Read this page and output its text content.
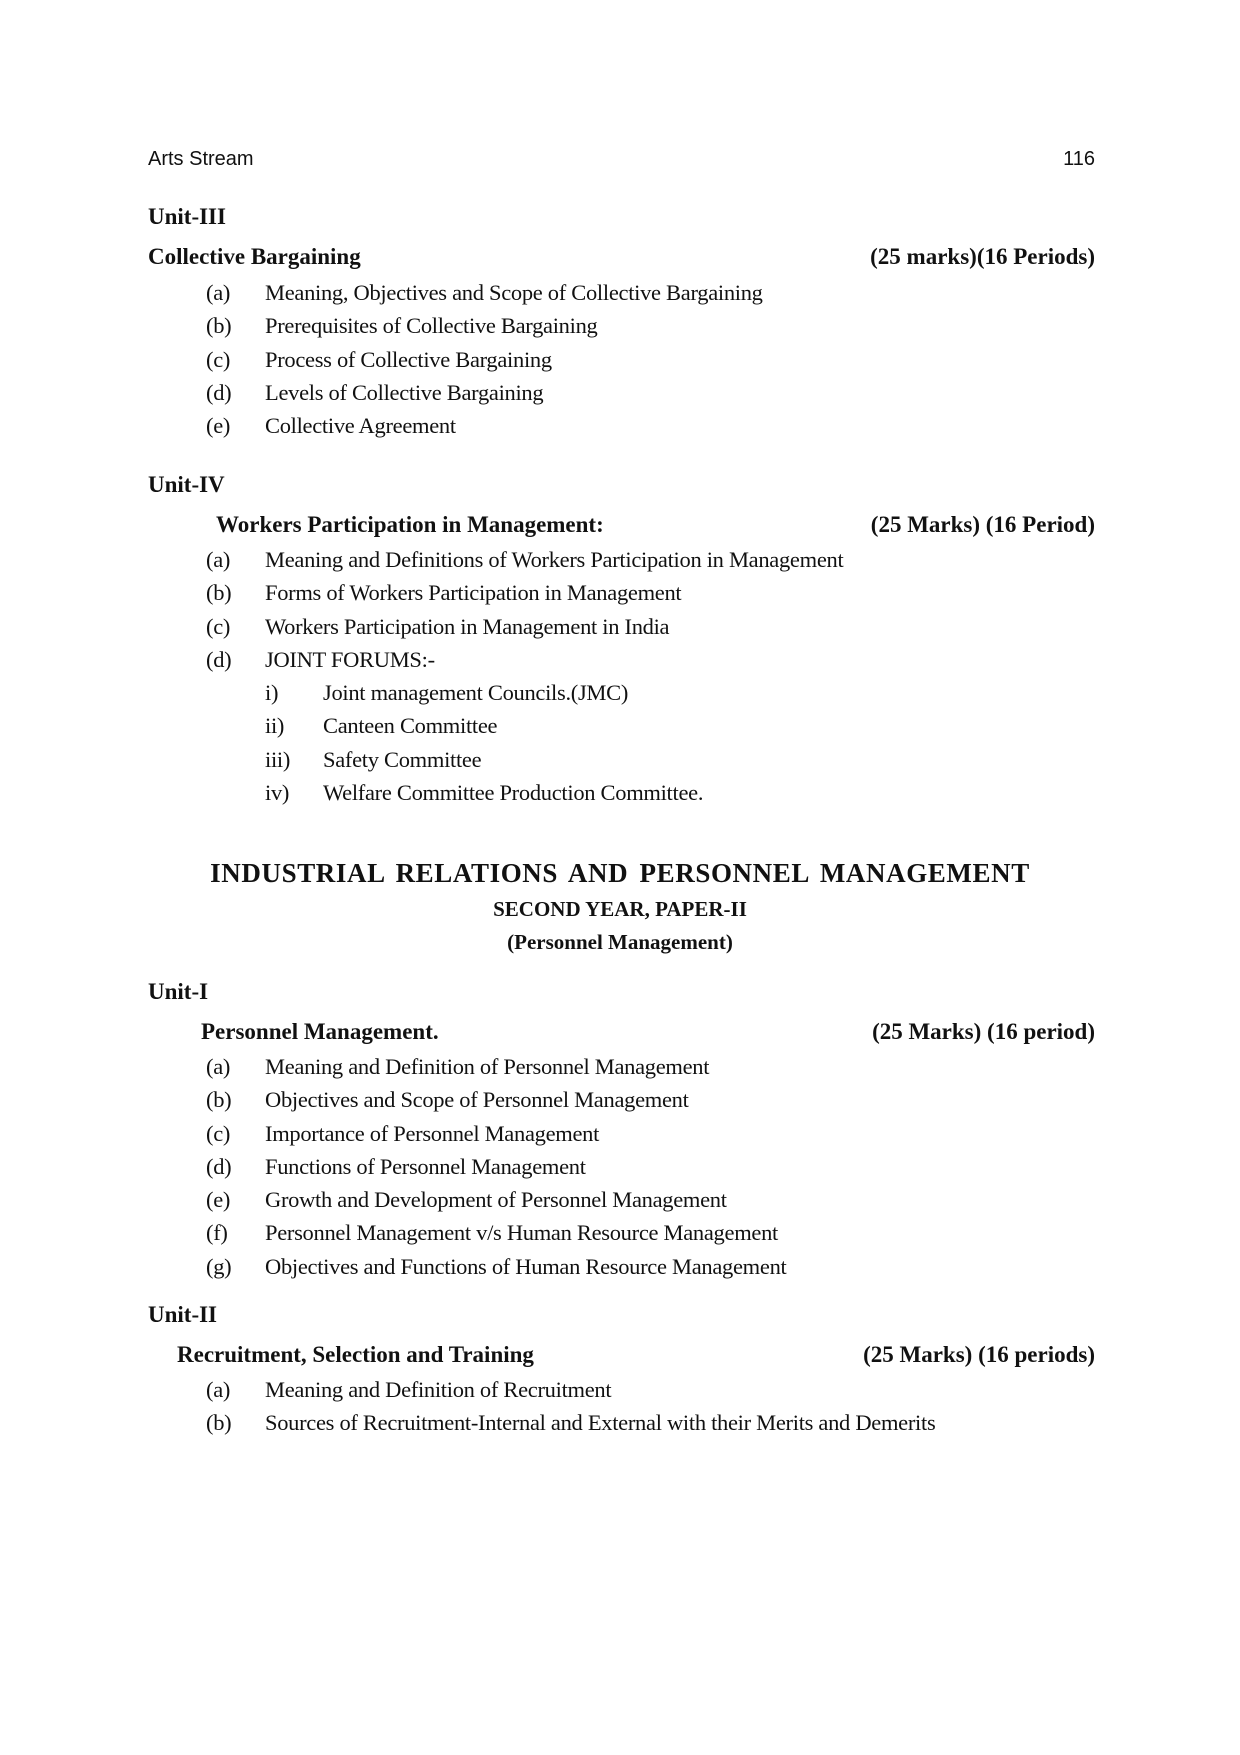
Arts Stream	116
Unit-III
Collective Bargaining	(25 marks)(16 Periods)
(a) Meaning, Objectives and Scope of Collective Bargaining
(b) Prerequisites of Collective Bargaining
(c) Process of Collective Bargaining
(d) Levels of Collective Bargaining
(e) Collective Agreement
Unit-IV
Workers Participation in Management:	(25 Marks) (16 Period)
(a) Meaning and Definitions of Workers Participation in Management
(b) Forms of Workers Participation in Management
(c) Workers Participation in Management in India
(d) JOINT FORUMS:-
i) Joint management Councils.(JMC)
ii) Canteen Committee
iii) Safety Committee
iv) Welfare Committee Production Committee.
INDUSTRIAL RELATIONS AND PERSONNEL MANAGEMENT
SECOND YEAR, PAPER-II
(Personnel Management)
Unit-I
Personnel Management.	(25 Marks) (16 period)
(a) Meaning and Definition of Personnel Management
(b) Objectives and Scope of Personnel Management
(c) Importance of Personnel Management
(d) Functions of Personnel Management
(e) Growth and Development of Personnel Management
(f) Personnel Management v/s Human Resource Management
(g) Objectives and Functions of Human Resource Management
Unit-II
Recruitment, Selection and Training	(25 Marks) (16 periods)
(a) Meaning and Definition of Recruitment
(b) Sources of Recruitment-Internal and External with their Merits and Demerits
